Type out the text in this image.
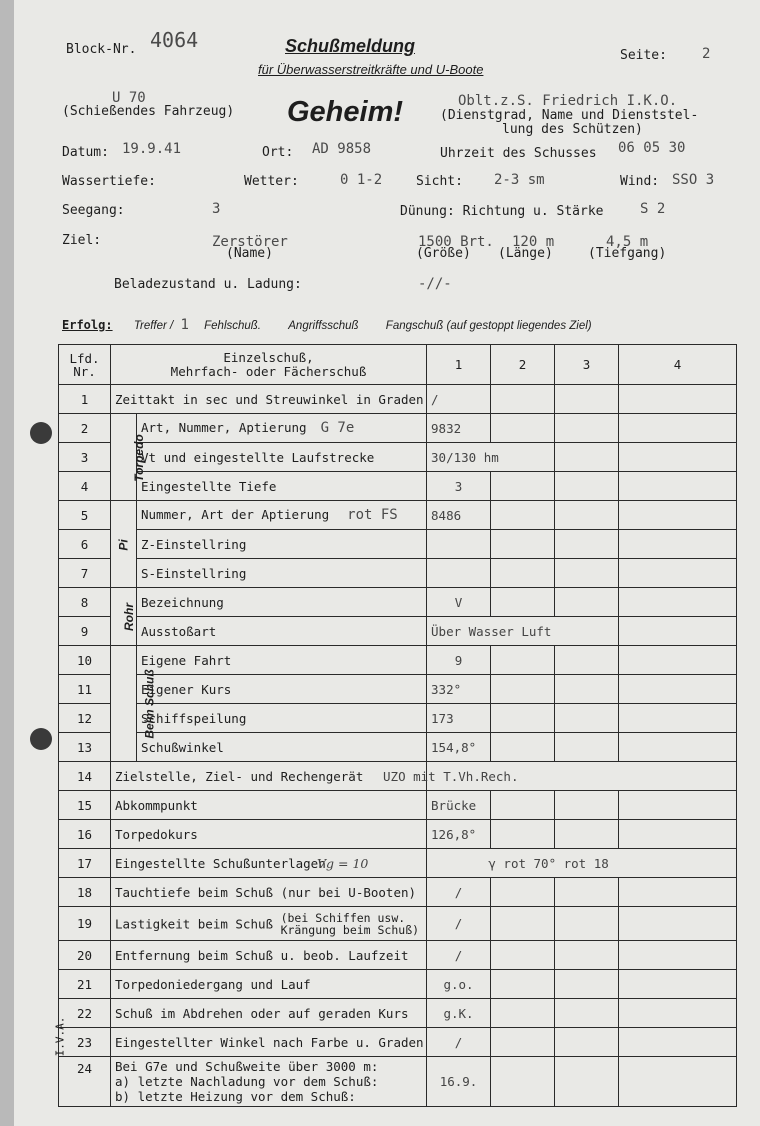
Block-Nr. 4064	Schußmeldung
für Überwasserstreitkräfte und U-Boote
Seite:	2
U 70
(Schießendes Fahrzeug) Geheim!	Oblt.z.S. Friedrich I.K.O.
(Dienstgrad, Name und Dienststel-
lung des Schützen)
Datum: 19.9.41	Ort: AD 9858	Uhrzeit des Schusses 06 05 30
Wassertiefe:	Wetter:	0 1-2	Sicht: 2-3 sm	Wind: SSO 3
Seegang:	3	Dünung: Richtung u. Stärke	S 2
Ziel:	Zerstörer
(Name)
1500 Brt.
(Größe)
120 m
(Länge)
4,5 m
(Tiefgang)
Beladezustand u. Ladung:	-//-
Erfolg: Treffer / 1 Fehlschuß. Angriffsschuß Fangschuß (auf gestoppt liegendes Ziel)
Lfd. Nr.	Einzelschuß,
Mehrfach- oder Fächerschuß		1	2	3	4
1	Zeittakt in sec und Streuwinkel in Graden		/			
2	Torpedo	Art, Nummer, Aptierung G 7e	9832			
3		Vt und eingestellte Laufstrecke	30/130 hm			
4		Eingestellte Tiefe	3			
5	Pi	Nummer, Art der Aptierung rot FS	8486			
6		Z-Einstellring				
7		S-Einstellring				
8	Rohr	Bezeichnung	V			
9		Ausstoßart	Über Wasser Luft			
10	Beim Schuß	Eigene Fahrt	9			
11		Eigener Kurs	332°			
12		Schiffspeilung	173			
13		Schußwinkel	154,8°			
14	Zielstelle, Ziel- und Rechengerät		UZO mit T.Vh.Rech.			
15	Abkommpunkt		Brücke			
16	Torpedokurs		126,8°			
17	Eingestellte Schußunterlagen		Vg = 10 γ rot 70° rot 18			
18	Tauchtiefe beim Schuß (nur bei U-Booten)		/			
19	Lastigkeit beim Schuß (bei Schiffen usw.
Krängung beim Schuß)		/			
20	Entfernung beim Schuß u. beob. Laufzeit		/			
21	Torpedoniedergang und Lauf		g.o.			
22	Schuß im Abdrehen oder auf geraden Kurs		g.K.			
23	Eingestellter Winkel nach Farbe u. Graden		/			
24	Bei G7e und Schußweite über 3000 m:
a) letzte Nachladung vor dem Schuß:
b) letzte Heizung vor dem Schuß:		16.9.			
I.V.A.
